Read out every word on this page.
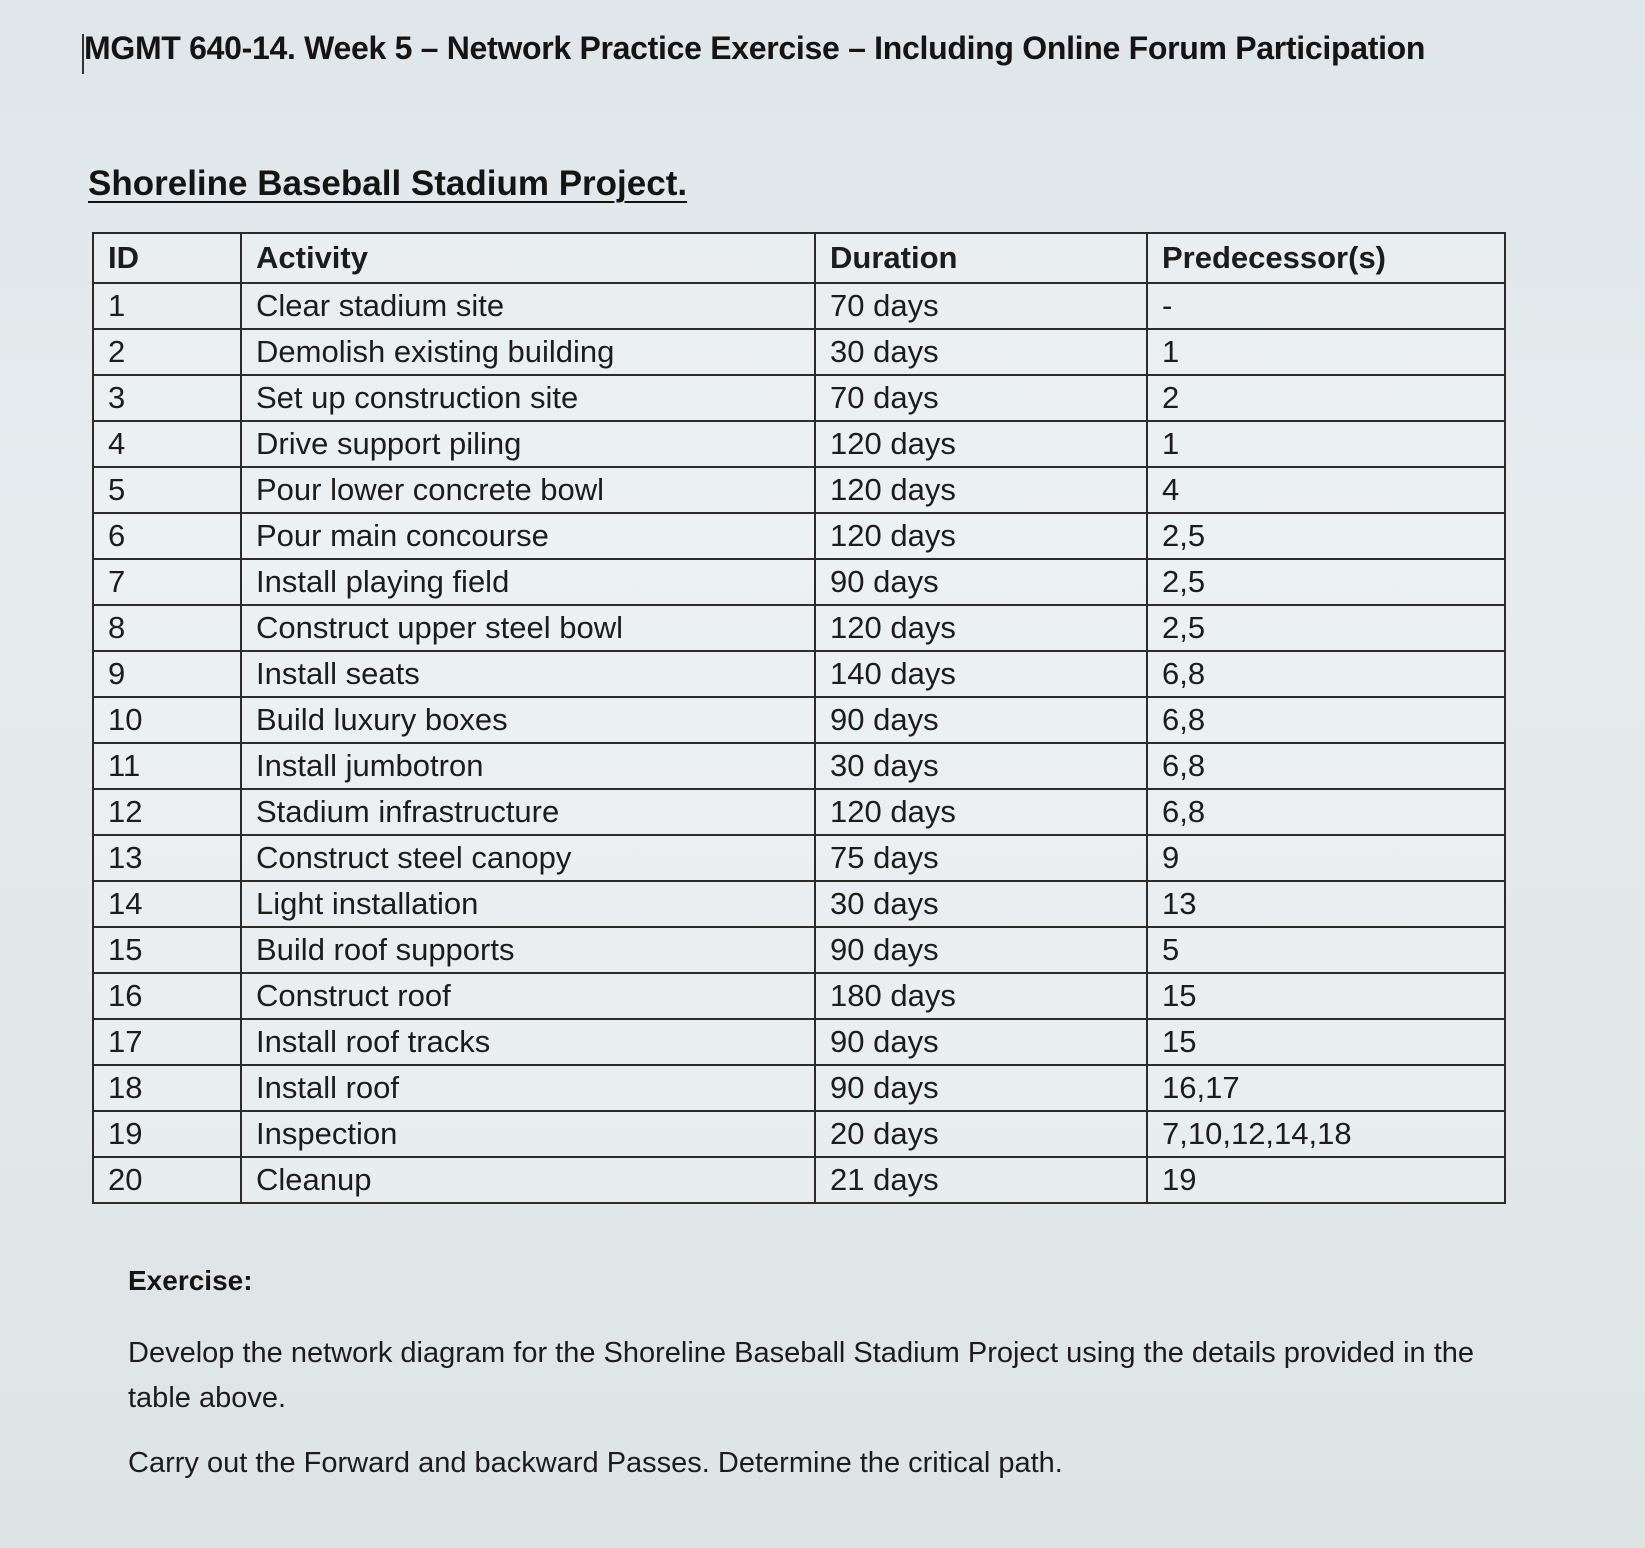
MGMT 640-14. Week 5 – Network Practice Exercise – Including Online Forum Participation
Shoreline Baseball Stadium Project.
ID	Activity	Duration	Predecessor(s)
1	Clear stadium site	70 days	-
2	Demolish existing building	30 days	1
3	Set up construction site	70 days	2
4	Drive support piling	120 days	1
5	Pour lower concrete bowl	120 days	4
6	Pour main concourse	120 days	2,5
7	Install playing field	90 days	2,5
8	Construct upper steel bowl	120 days	2,5
9	Install seats	140 days	6,8
10	Build luxury boxes	90 days	6,8
11	Install jumbotron	30 days	6,8
12	Stadium infrastructure	120 days	6,8
13	Construct steel canopy	75 days	9
14	Light installation	30 days	13
15	Build roof supports	90 days	5
16	Construct roof	180 days	15
17	Install roof tracks	90 days	15
18	Install roof	90 days	16,17
19	Inspection	20 days	7,10,12,14,18
20	Cleanup	21 days	19
Exercise:

Develop the network diagram for the Shoreline Baseball Stadium Project using the details provided in the table above.

Carry out the Forward and backward Passes. Determine the critical path.
